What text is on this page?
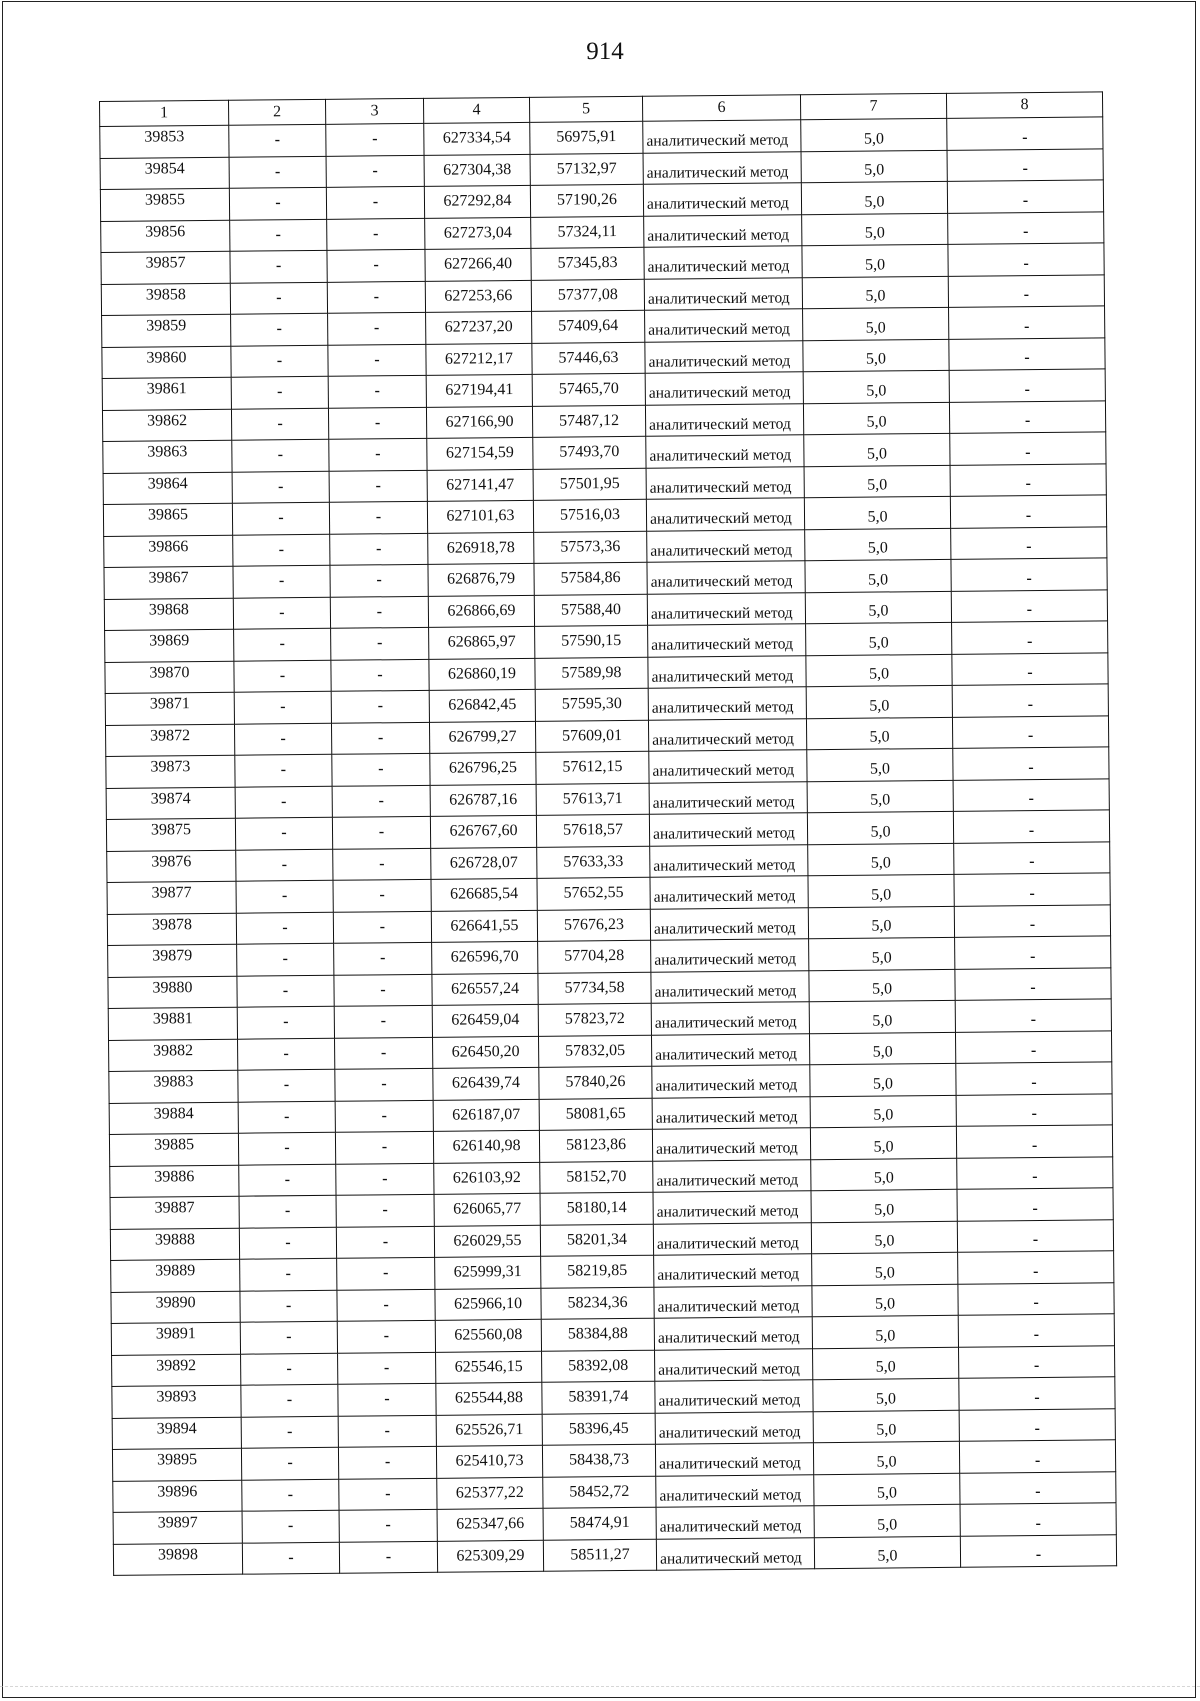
914
1	2	3	4	5	6	7	8
39853	-	-	627334,54	56975,91	аналитический метод	5,0	-
39854	-	-	627304,38	57132,97	аналитический метод	5,0	-
39855	-	-	627292,84	57190,26	аналитический метод	5,0	-
39856	-	-	627273,04	57324,11	аналитический метод	5,0	-
39857	-	-	627266,40	57345,83	аналитический метод	5,0	-
39858	-	-	627253,66	57377,08	аналитический метод	5,0	-
39859	-	-	627237,20	57409,64	аналитический метод	5,0	-
39860	-	-	627212,17	57446,63	аналитический метод	5,0	-
39861	-	-	627194,41	57465,70	аналитический метод	5,0	-
39862	-	-	627166,90	57487,12	аналитический метод	5,0	-
39863	-	-	627154,59	57493,70	аналитический метод	5,0	-
39864	-	-	627141,47	57501,95	аналитический метод	5,0	-
39865	-	-	627101,63	57516,03	аналитический метод	5,0	-
39866	-	-	626918,78	57573,36	аналитический метод	5,0	-
39867	-	-	626876,79	57584,86	аналитический метод	5,0	-
39868	-	-	626866,69	57588,40	аналитический метод	5,0	-
39869	-	-	626865,97	57590,15	аналитический метод	5,0	-
39870	-	-	626860,19	57589,98	аналитический метод	5,0	-
39871	-	-	626842,45	57595,30	аналитический метод	5,0	-
39872	-	-	626799,27	57609,01	аналитический метод	5,0	-
39873	-	-	626796,25	57612,15	аналитический метод	5,0	-
39874	-	-	626787,16	57613,71	аналитический метод	5,0	-
39875	-	-	626767,60	57618,57	аналитический метод	5,0	-
39876	-	-	626728,07	57633,33	аналитический метод	5,0	-
39877	-	-	626685,54	57652,55	аналитический метод	5,0	-
39878	-	-	626641,55	57676,23	аналитический метод	5,0	-
39879	-	-	626596,70	57704,28	аналитический метод	5,0	-
39880	-	-	626557,24	57734,58	аналитический метод	5,0	-
39881	-	-	626459,04	57823,72	аналитический метод	5,0	-
39882	-	-	626450,20	57832,05	аналитический метод	5,0	-
39883	-	-	626439,74	57840,26	аналитический метод	5,0	-
39884	-	-	626187,07	58081,65	аналитический метод	5,0	-
39885	-	-	626140,98	58123,86	аналитический метод	5,0	-
39886	-	-	626103,92	58152,70	аналитический метод	5,0	-
39887	-	-	626065,77	58180,14	аналитический метод	5,0	-
39888	-	-	626029,55	58201,34	аналитический метод	5,0	-
39889	-	-	625999,31	58219,85	аналитический метод	5,0	-
39890	-	-	625966,10	58234,36	аналитический метод	5,0	-
39891	-	-	625560,08	58384,88	аналитический метод	5,0	-
39892	-	-	625546,15	58392,08	аналитический метод	5,0	-
39893	-	-	625544,88	58391,74	аналитический метод	5,0	-
39894	-	-	625526,71	58396,45	аналитический метод	5,0	-
39895	-	-	625410,73	58438,73	аналитический метод	5,0	-
39896	-	-	625377,22	58452,72	аналитический метод	5,0	-
39897	-	-	625347,66	58474,91	аналитический метод	5,0	-
39898	-	-	625309,29	58511,27	аналитический метод	5,0	-
